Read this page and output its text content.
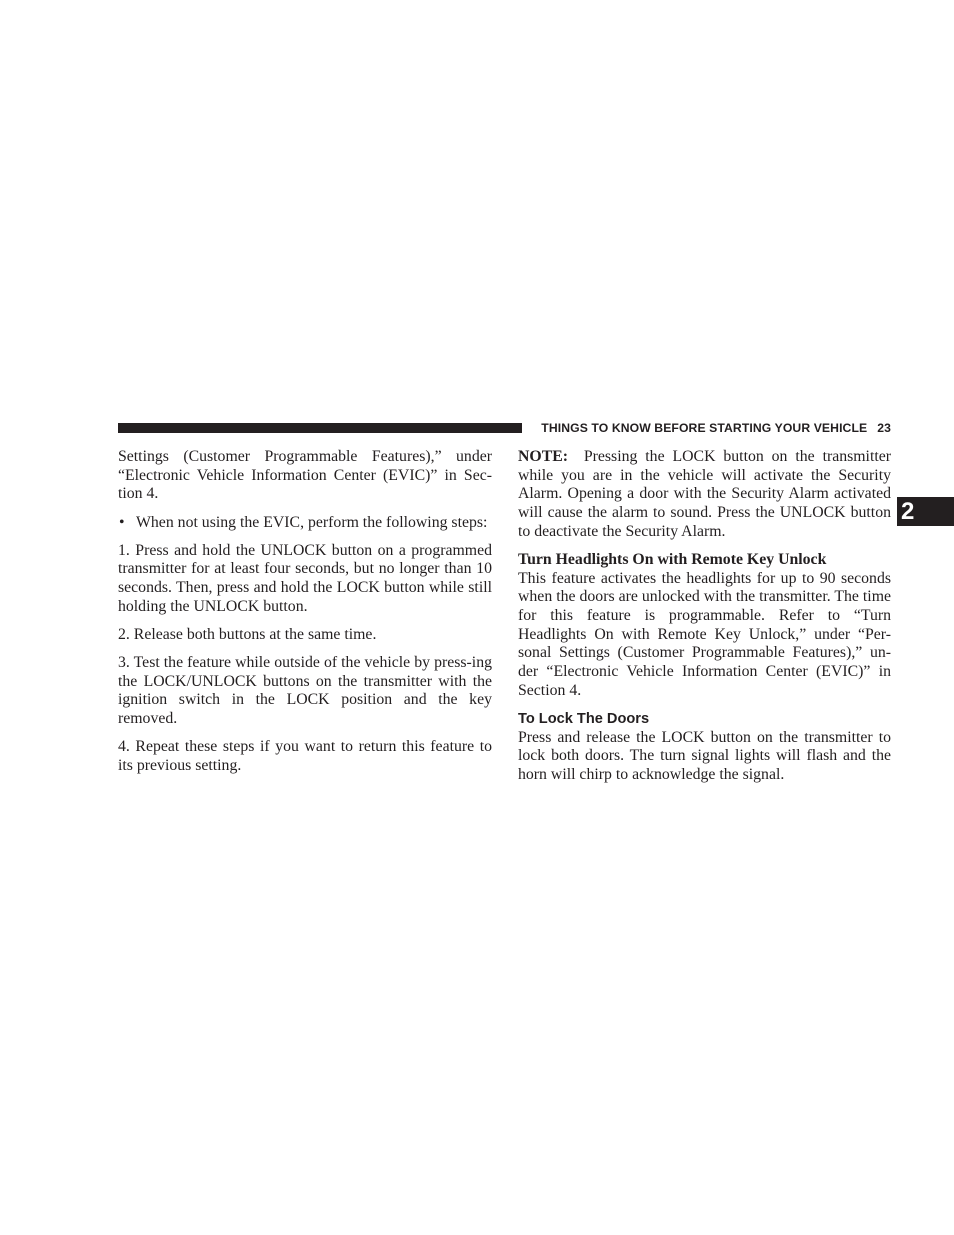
THINGS TO KNOW BEFORE STARTING YOUR VEHICLE 23
2

Settings (Customer Programmable Features),” under “Electronic Vehicle Information Center (EVIC)” in Sec-tion 4.

• When not using the EVIC, perform the following steps:

1. Press and hold the UNLOCK button on a programmed transmitter for at least four seconds, but no longer than 10 seconds. Then, press and hold the LOCK button while still holding the UNLOCK button.

2. Release both buttons at the same time.

3. Test the feature while outside of the vehicle by press-ing the LOCK/UNLOCK buttons on the transmitter with the ignition switch in the LOCK position and the key removed.

4. Repeat these steps if you want to return this feature to its previous setting.

NOTE: Pressing the LOCK button on the transmitter while you are in the vehicle will activate the Security Alarm. Opening a door with the Security Alarm activated will cause the alarm to sound. Press the UNLOCK button to deactivate the Security Alarm.

Turn Headlights On with Remote Key Unlock

This feature activates the headlights for up to 90 seconds when the doors are unlocked with the transmitter. The time for this feature is programmable. Refer to “Turn Headlights On with Remote Key Unlock,” under “Per-sonal Settings (Customer Programmable Features),” un-der “Electronic Vehicle Information Center (EVIC)” in Section 4.

To Lock The Doors

Press and release the LOCK button on the transmitter to lock both doors. The turn signal lights will flash and the horn will chirp to acknowledge the signal.
